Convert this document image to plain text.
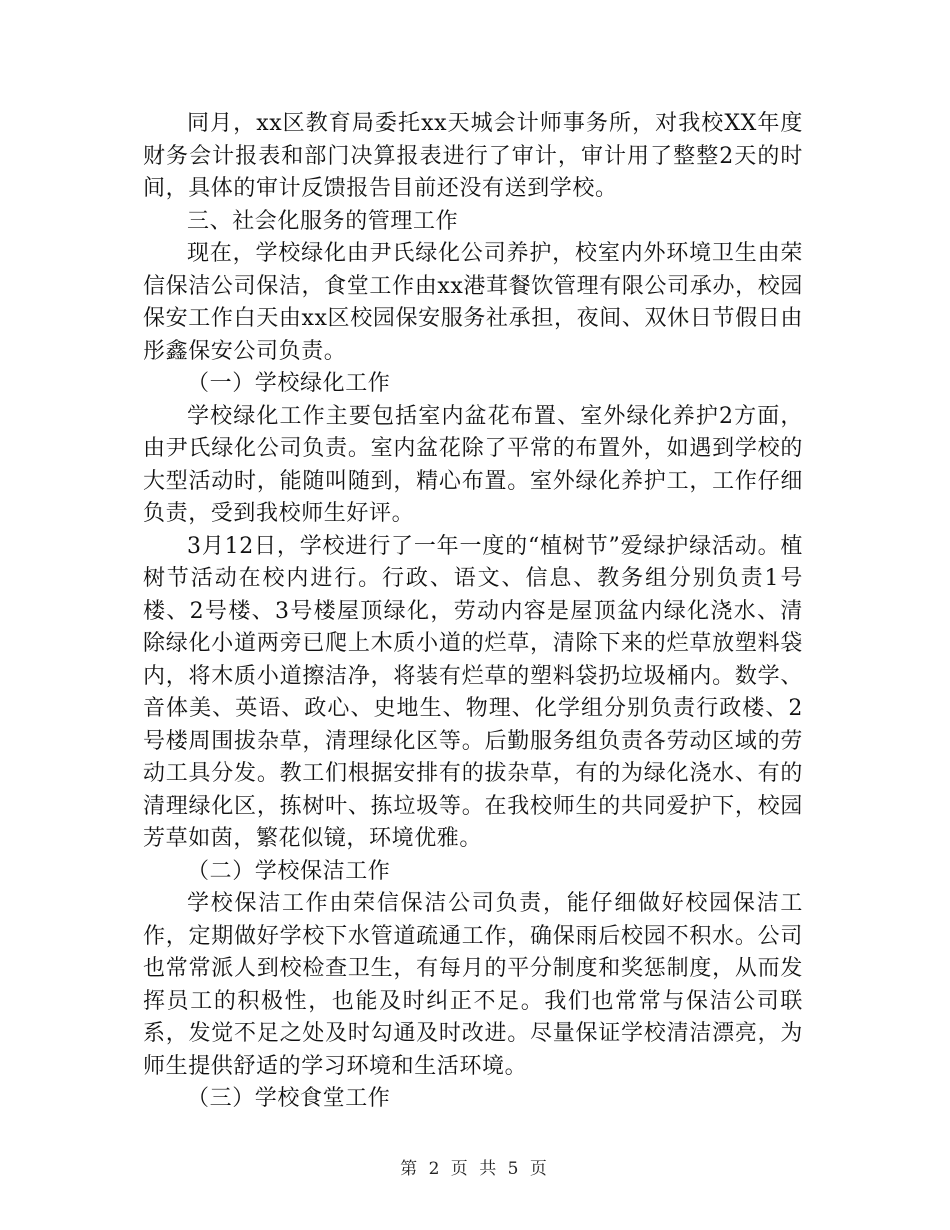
同月，xx区教育局委托xx天城会计师事务所，对我校XX年度财务会计报表和部门决算报表进行了审计，审计用了整整2天的时间，具体的审计反馈报告目前还没有送到学校。

三、社会化服务的管理工作

现在，学校绿化由尹氏绿化公司养护，校室内外环境卫生由荣信保洁公司保洁，食堂工作由xx港茸餐饮管理有限公司承办，校园保安工作白天由xx区校园保安服务社承担，夜间、双休日节假日由彤鑫保安公司负责。

（一）学校绿化工作

学校绿化工作主要包括室内盆花布置、室外绿化养护2方面，由尹氏绿化公司负责。室内盆花除了平常的布置外，如遇到学校的大型活动时，能随叫随到，精心布置。室外绿化养护工，工作仔细负责，受到我校师生好评。

3月12日，学校进行了一年一度的“植树节”爱绿护绿活动。植树节活动在校内进行。行政、语文、信息、教务组分别负责1号楼、2号楼、3号楼屋顶绿化，劳动内容是屋顶盆内绿化浇水、清除绿化小道两旁已爬上木质小道的烂草，清除下来的烂草放塑料袋内，将木质小道擦洁净，将装有烂草的塑料袋扔垃圾桶内。数学、音体美、英语、政心、史地生、物理、化学组分别负责行政楼、2号楼周围拔杂草，清理绿化区等。后勤服务组负责各劳动区域的劳动工具分发。教工们根据安排有的拔杂草，有的为绿化浇水、有的清理绿化区，拣树叶、拣垃圾等。在我校师生的共同爱护下，校园芳草如茵，繁花似镜，环境优雅。

（二）学校保洁工作

学校保洁工作由荣信保洁公司负责，能仔细做好校园保洁工作，定期做好学校下水管道疏通工作，确保雨后校园不积水。公司也常常派人到校检查卫生，有每月的平分制度和奖惩制度，从而发挥员工的积极性，也能及时纠正不足。我们也常常与保洁公司联系，发觉不足之处及时勾通及时改进。尽量保证学校清洁漂亮，为师生提供舒适的学习环境和生活环境。

（三）学校食堂工作

第 2 页 共 5 页
